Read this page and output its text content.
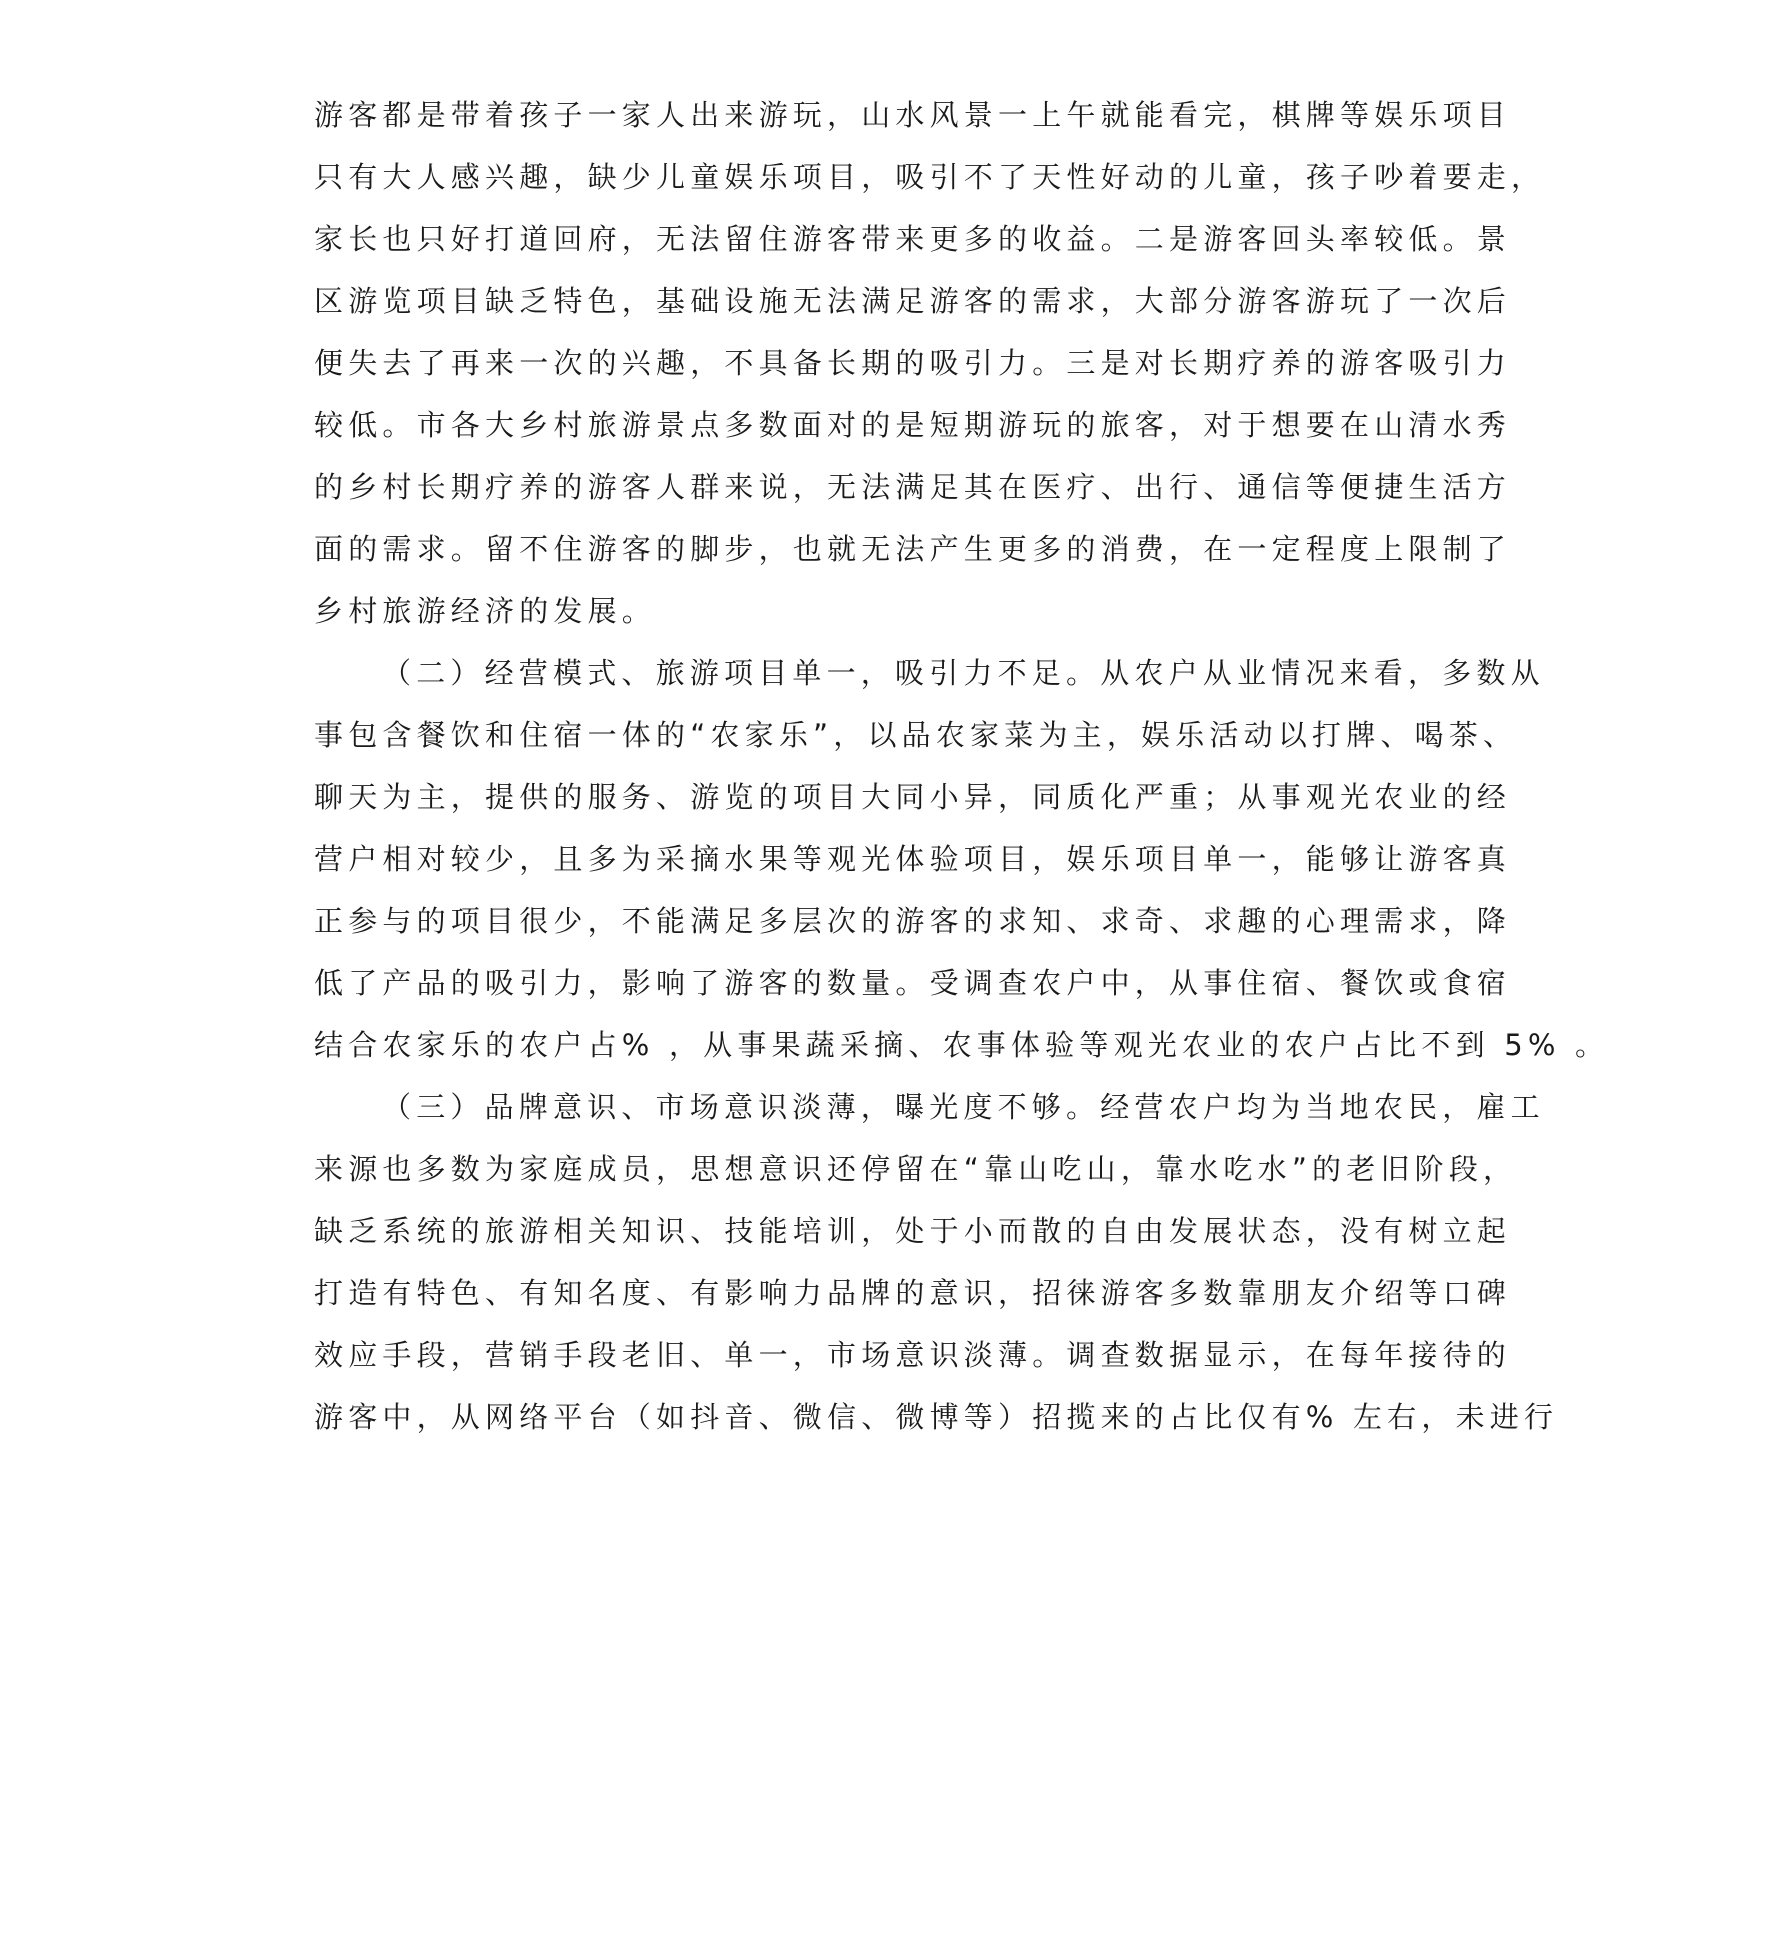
游客都是带着孩子一家人出来游玩，山水风景一上午就能看完，棋牌等娱乐项目
只有大人感兴趣，缺少儿童娱乐项目，吸引不了天性好动的儿童，孩子吵着要走，
家长也只好打道回府，无法留住游客带来更多的收益。二是游客回头率较低。景
区游览项目缺乏特色，基础设施无法满足游客的需求，大部分游客游玩了一次后
便失去了再来一次的兴趣，不具备长期的吸引力。三是对长期疗养的游客吸引力
较低。市各大乡村旅游景点多数面对的是短期游玩的旅客，对于想要在山清水秀
的乡村长期疗养的游客人群来说，无法满足其在医疗、出行、通信等便捷生活方
面的需求。留不住游客的脚步，也就无法产生更多的消费，在一定程度上限制了
乡村旅游经济的发展。
（二）经营模式、旅游项目单一，吸引力不足。从农户从业情况来看，多数从
事包含餐饮和住宿一体的“农家乐”，以品农家菜为主，娱乐活动以打牌、喝茶、
聊天为主，提供的服务、游览的项目大同小异，同质化严重；从事观光农业的经
营户相对较少，且多为采摘水果等观光体验项目，娱乐项目单一，能够让游客真
正参与的项目很少，不能满足多层次的游客的求知、求奇、求趣的心理需求，降
低了产品的吸引力，影响了游客的数量。受调查农户中，从事住宿、餐饮或食宿
结合农家乐的农户占% ，从事果蔬采摘、农事体验等观光农业的农户占比不到 5% 。
（三）品牌意识、市场意识淡薄，曝光度不够。经营农户均为当地农民，雇工
来源也多数为家庭成员，思想意识还停留在“靠山吃山，靠水吃水”的老旧阶段，
缺乏系统的旅游相关知识、技能培训，处于小而散的自由发展状态，没有树立起
打造有特色、有知名度、有影响力品牌的意识，招徕游客多数靠朋友介绍等口碑
效应手段，营销手段老旧、单一，市场意识淡薄。调查数据显示，在每年接待的
游客中，从网络平台（如抖音、微信、微博等）招揽来的占比仅有% 左右，未进行
